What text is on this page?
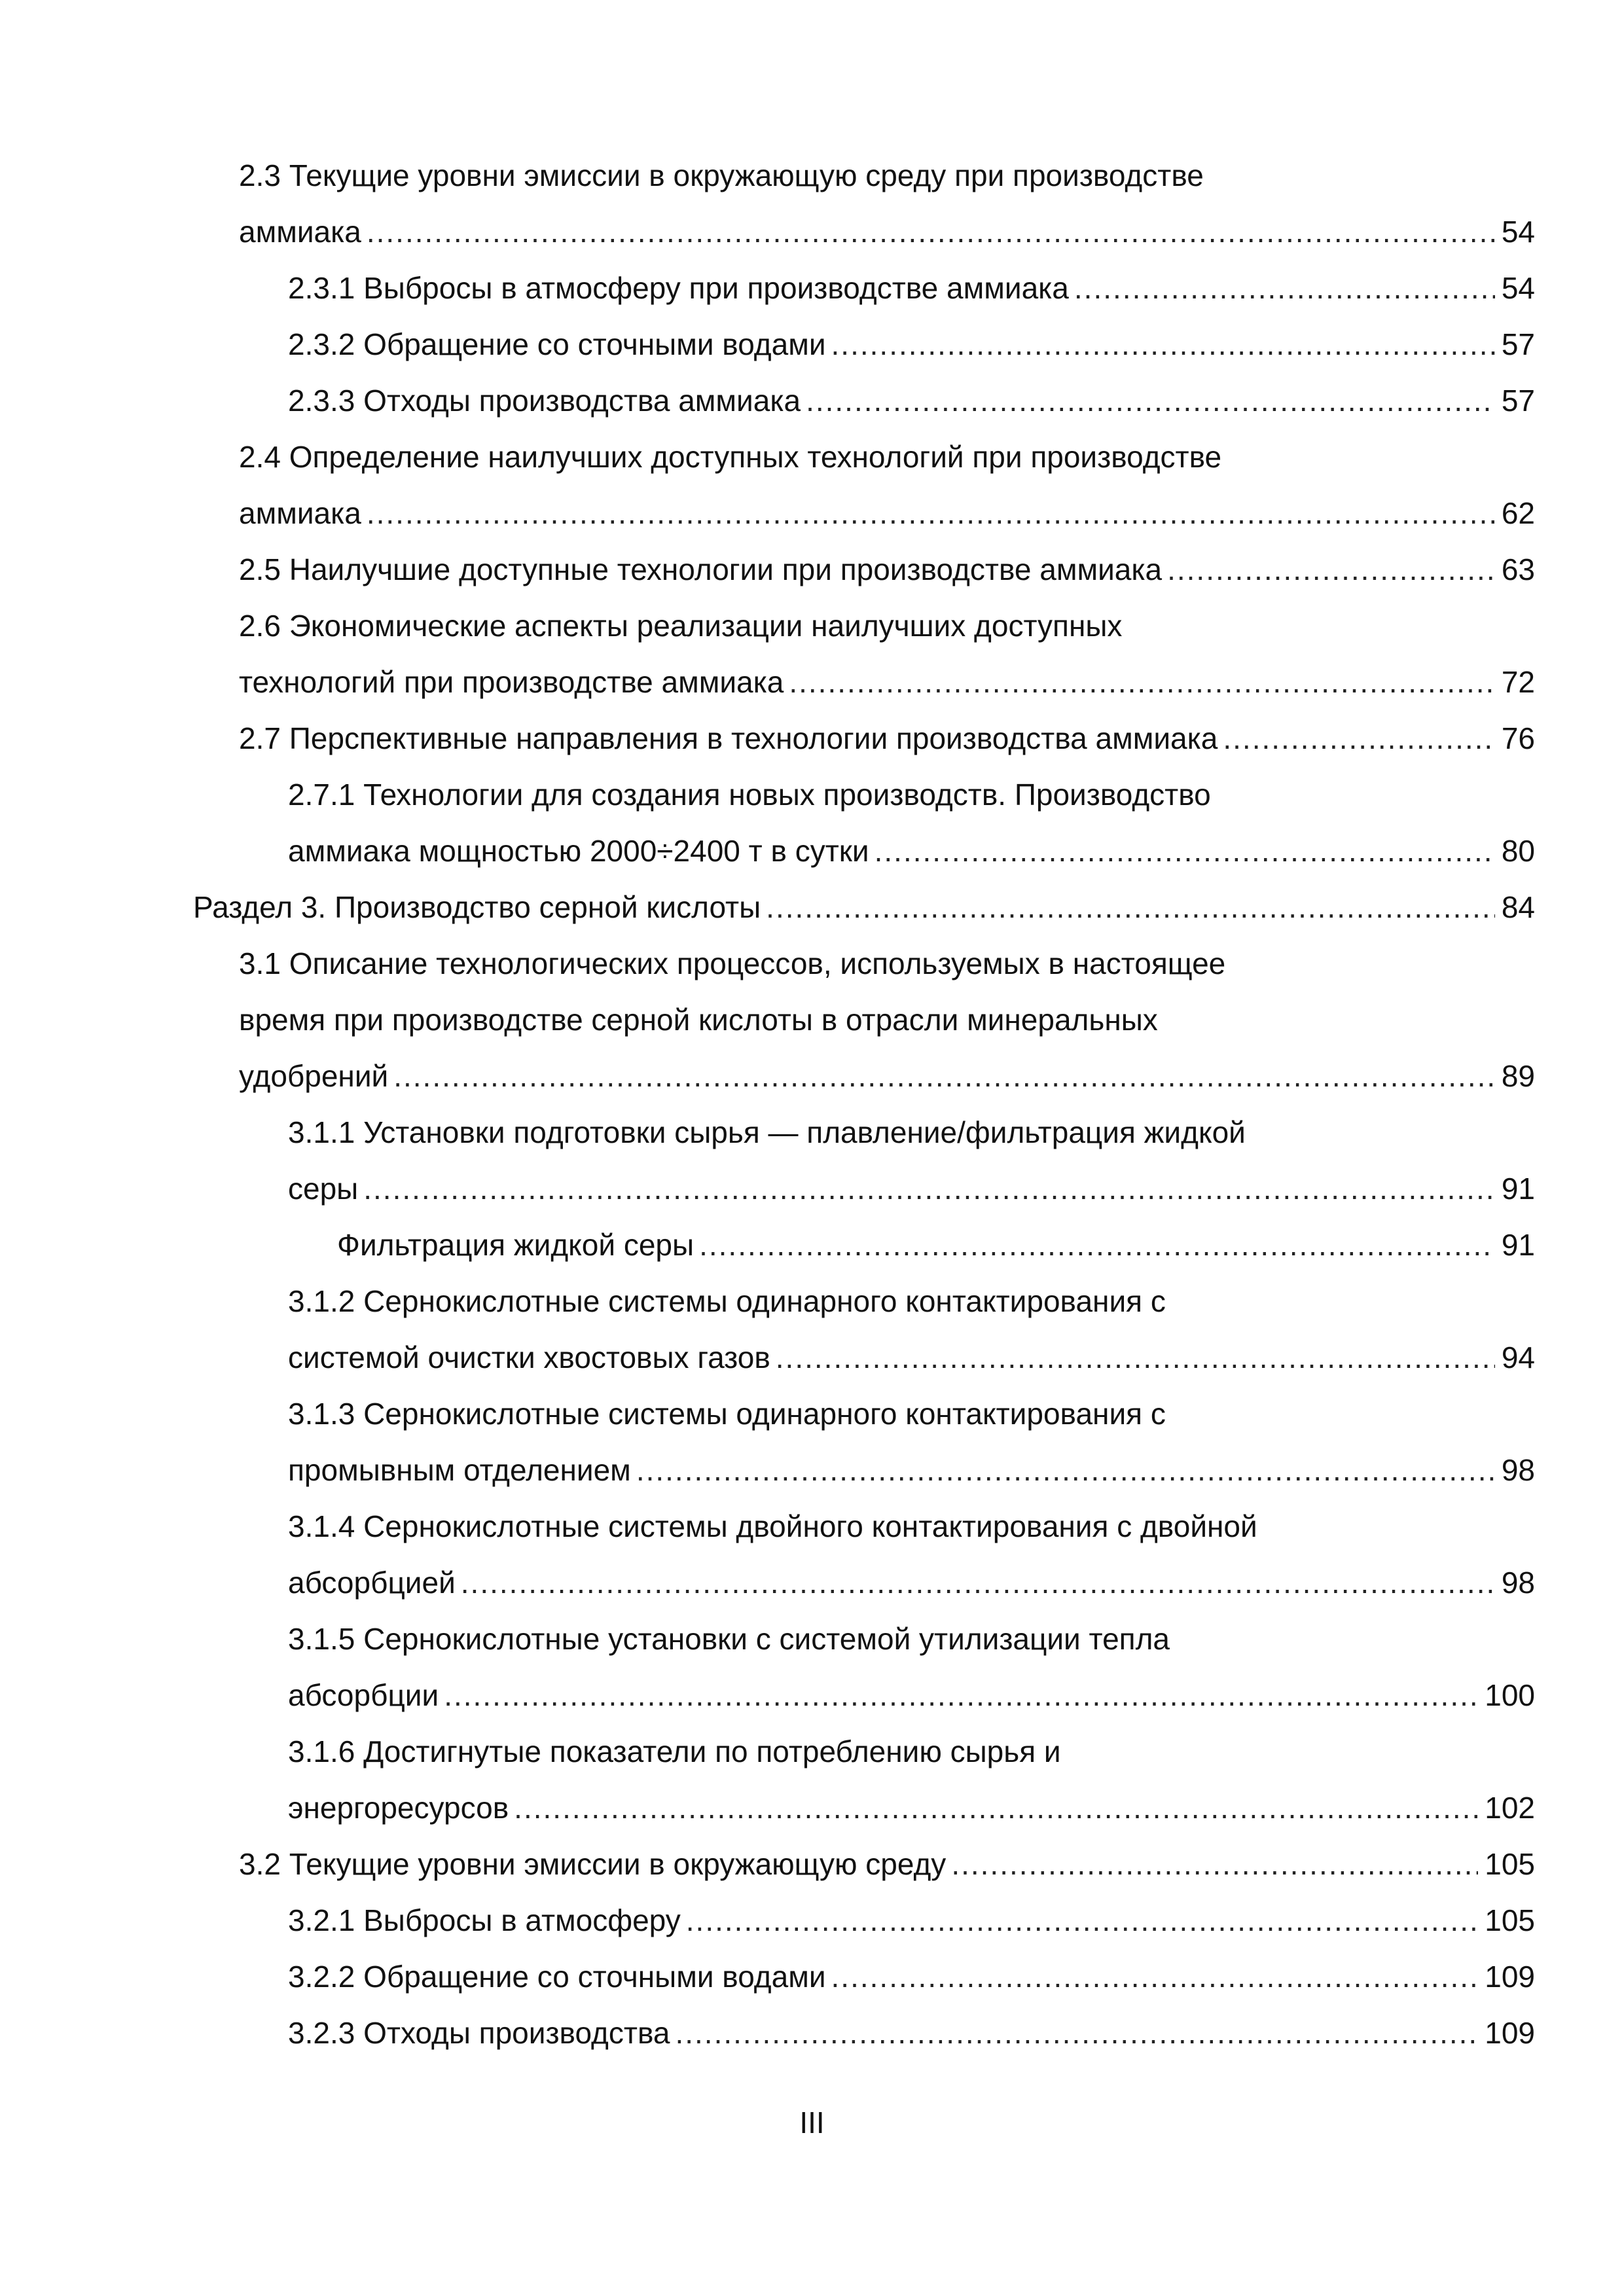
2.3 Текущие уровни эмиссии в окружающую среду при производстве
аммиака .....	54
2.3.1 Выбросы в атмосферу при производстве аммиака .....	54
2.3.2 Обращение со сточными водами .....	57
2.3.3 Отходы производства аммиака .....	57
2.4 Определение наилучших доступных технологий при производстве
аммиака .....	62
2.5 Наилучшие доступные технологии при производстве аммиака .....	63
2.6 Экономические аспекты реализации наилучших доступных
технологий при производстве аммиака .....	72
2.7 Перспективные направления в технологии производства аммиака .....	76
2.7.1 Технологии для создания новых производств. Производство
аммиака мощностью 2000÷2400 т в сутки .....	80
Раздел 3. Производство серной кислоты .....	84
3.1 Описание технологических процессов, используемых в настоящее
время при производстве серной кислоты в отрасли минеральных
удобрений .....	89
3.1.1 Установки подготовки сырья — плавление/фильтрация жидкой
серы .....	91
Фильтрация жидкой серы .....	91
3.1.2 Сернокислотные системы одинарного контактирования с
системой очистки хвостовых газов .....	94
3.1.3 Сернокислотные системы одинарного контактирования с
промывным отделением .....	98
3.1.4 Сернокислотные системы двойного контактирования с двойной
абсорбцией .....	98
3.1.5 Сернокислотные установки с системой утилизации тепла
абсорбции .....	100
3.1.6 Достигнутые показатели по потреблению сырья и
энергоресурсов .....	102
3.2 Текущие уровни эмиссии в окружающую среду .....	105
3.2.1 Выбросы в атмосферу .....	105
3.2.2 Обращение со сточными водами .....	109
3.2.3 Отходы производства .....	109
III
